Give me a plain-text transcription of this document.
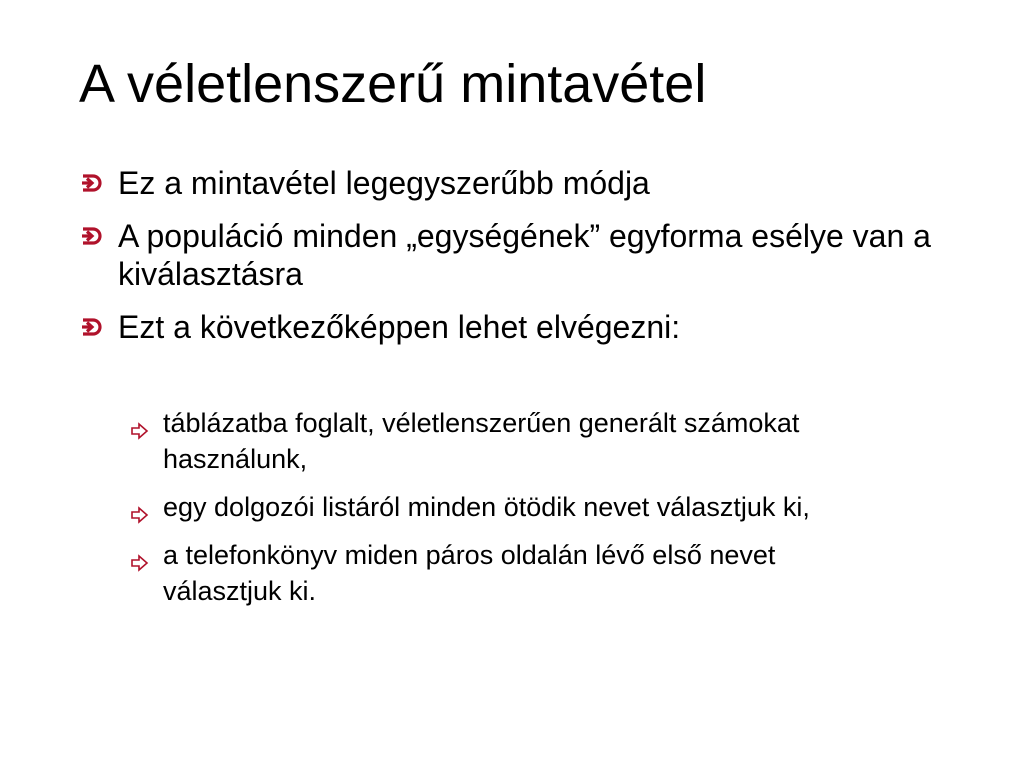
A véletlenszerű mintavétel
Ez a mintavétel legegyszerűbb módja
A populáció minden „egységének” egyforma esélye van a kiválasztásra
Ezt a következőképpen lehet elvégezni:
táblázatba foglalt, véletlenszerűen generált számokat használunk,
egy dolgozói listáról minden ötödik nevet választjuk ki,
a telefonkönyv miden páros oldalán lévő első nevet választjuk ki.
